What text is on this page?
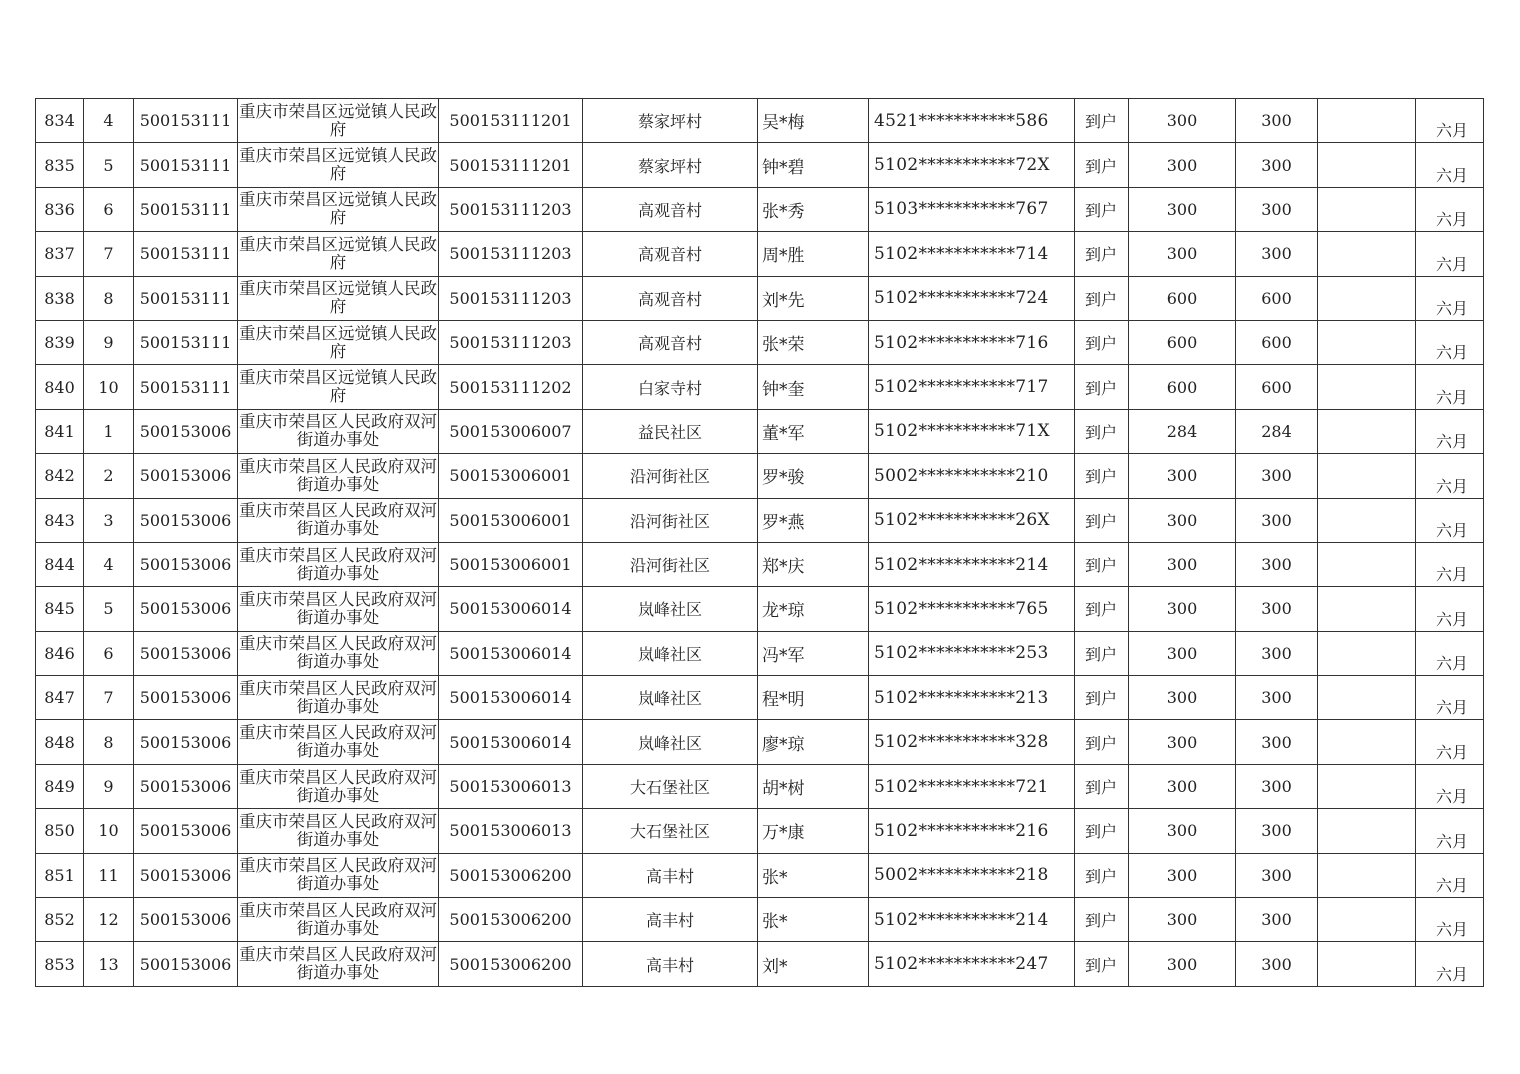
834	4	500153111	重庆市荣昌区远觉镇人民政府	500153111201	蔡家坪村	吴*梅	4521***********586	到户	300	300		六月
835	5	500153111	重庆市荣昌区远觉镇人民政府	500153111201	蔡家坪村	钟*碧	5102***********72X	到户	300	300		六月
836	6	500153111	重庆市荣昌区远觉镇人民政府	500153111203	高观音村	张*秀	5103***********767	到户	300	300		六月
837	7	500153111	重庆市荣昌区远觉镇人民政府	500153111203	高观音村	周*胜	5102***********714	到户	300	300		六月
838	8	500153111	重庆市荣昌区远觉镇人民政府	500153111203	高观音村	刘*先	5102***********724	到户	600	600		六月
839	9	500153111	重庆市荣昌区远觉镇人民政府	500153111203	高观音村	张*荣	5102***********716	到户	600	600		六月
840	10	500153111	重庆市荣昌区远觉镇人民政府	500153111202	白家寺村	钟*奎	5102***********717	到户	600	600		六月
841	1	500153006	重庆市荣昌区人民政府双河街道办事处	500153006007	益民社区	董*军	5102***********71X	到户	284	284		六月
842	2	500153006	重庆市荣昌区人民政府双河街道办事处	500153006001	沿河街社区	罗*骏	5002***********210	到户	300	300		六月
843	3	500153006	重庆市荣昌区人民政府双河街道办事处	500153006001	沿河街社区	罗*燕	5102***********26X	到户	300	300		六月
844	4	500153006	重庆市荣昌区人民政府双河街道办事处	500153006001	沿河街社区	郑*庆	5102***********214	到户	300	300		六月
845	5	500153006	重庆市荣昌区人民政府双河街道办事处	500153006014	岚峰社区	龙*琼	5102***********765	到户	300	300		六月
846	6	500153006	重庆市荣昌区人民政府双河街道办事处	500153006014	岚峰社区	冯*军	5102***********253	到户	300	300		六月
847	7	500153006	重庆市荣昌区人民政府双河街道办事处	500153006014	岚峰社区	程*明	5102***********213	到户	300	300		六月
848	8	500153006	重庆市荣昌区人民政府双河街道办事处	500153006014	岚峰社区	廖*琼	5102***********328	到户	300	300		六月
849	9	500153006	重庆市荣昌区人民政府双河街道办事处	500153006013	大石堡社区	胡*树	5102***********721	到户	300	300		六月
850	10	500153006	重庆市荣昌区人民政府双河街道办事处	500153006013	大石堡社区	万*康	5102***********216	到户	300	300		六月
851	11	500153006	重庆市荣昌区人民政府双河街道办事处	500153006200	高丰村	张*	5002***********218	到户	300	300		六月
852	12	500153006	重庆市荣昌区人民政府双河街道办事处	500153006200	高丰村	张*	5102***********214	到户	300	300		六月
853	13	500153006	重庆市荣昌区人民政府双河街道办事处	500153006200	高丰村	刘*	5102***********247	到户	300	300		六月
